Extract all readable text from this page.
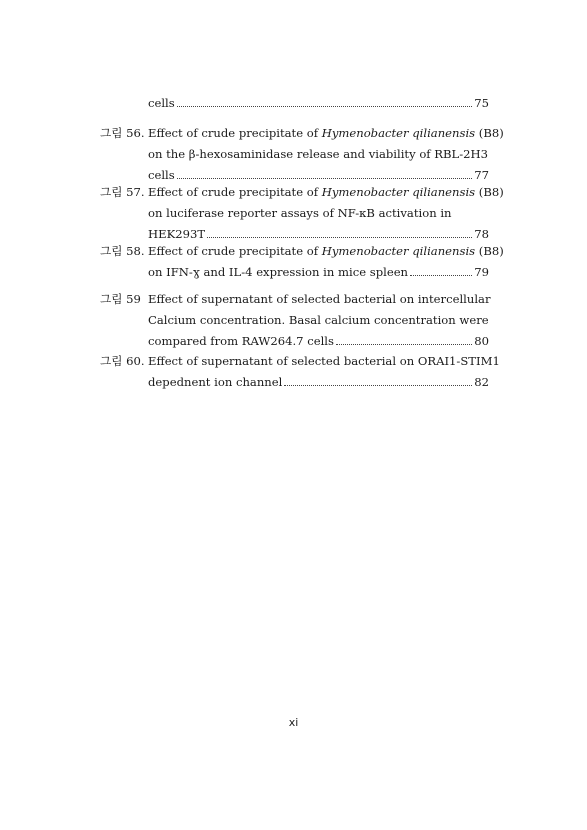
cells	75
그림 56. Effect of crude precipitate of Hymenobacter qilianensis (B8)
on the β-hexosaminidase release and viability of RBL-2H3
cells	77
그림 57. Effect of crude precipitate of Hymenobacter qilianensis (B8)
on luciferase reporter assays of NF-κB activation in
HEK293T	78
그림 58. Effect of crude precipitate of Hymenobacter qilianensis (B8)
on IFN-ɣ and IL-4 expression in mice spleen	79
그림 59 Effect of supernatant of selected bacterial on intercellular
Calcium concentration. Basal calcium concentration were
compared from RAW264.7 cells	80
그림 60. Effect of supernatant of selected bacterial on ORAI1-STIM1
depednent ion channel	82
xi
